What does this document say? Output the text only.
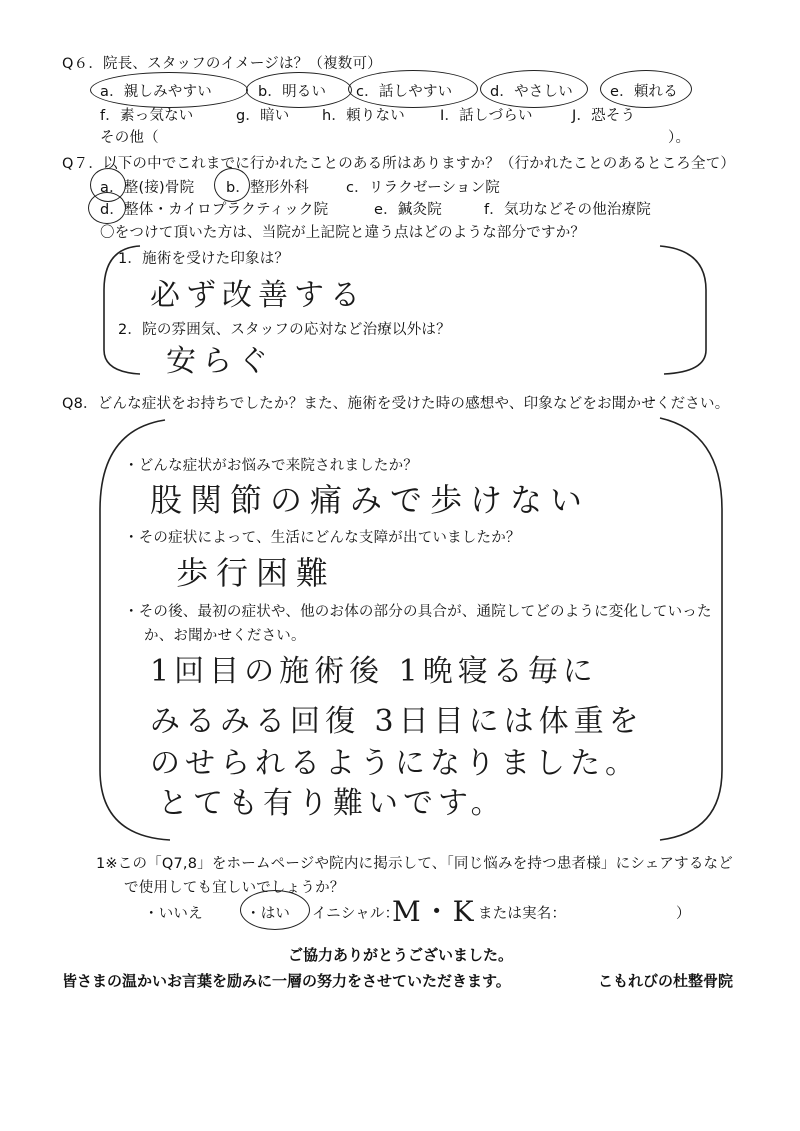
Q６．院長、スタッフのイメージは？（複数可）
a．親しみやすい	b．明るい c．話しやすい	d．やさしい	e．頼れる
f．素っ気ない	g．暗い h．頼りない I．話しづらい	J．恐そう
その他（	）。
Q７．以下の中でこれまでに行かれたことのある所はありますか？（行かれたことのあるところ全て）
a．整(接)骨院 b．整形外科	c．リラクゼーション院
d．整体・カイロプラクティック院	e．鍼灸院	f．気功などその他治療院
〇をつけて頂いた方は、当院が上記院と違う点はどのような部分ですか？
1．施術を受けた印象は？
必ず改善する
2．院の雰囲気、スタッフの応対など治療以外は？
安らぐ
Q8．どんな症状をお持ちでしたか？また、施術を受けた時の感想や、印象などをお聞かせください。
・どんな症状がお悩みで来院されましたか？
股関節の痛みで歩けない
・その症状によって、生活にどんな支障が出ていましたか？
歩行困難
・その後、最初の症状や、他のお体の部分の具合が、通院してどのように変化していった
か、お聞かせください。
1回目の施術後 1晩寝る毎に
みるみる回復 3日目には体重を
のせられるようになりました。
とても有り難いです。
1※この「Q7,8」をホームページや院内に掲示して、「同じ悩みを持つ患者様」にシェアするなど
で使用しても宜しいでしょうか？
・いいえ	・はい イニシャル：
M・K または実名：	）
ご協力ありがとうございました。
皆さまの温かいお言葉を励みに一層の努力をさせていただきます。	こもれびの杜整骨院
